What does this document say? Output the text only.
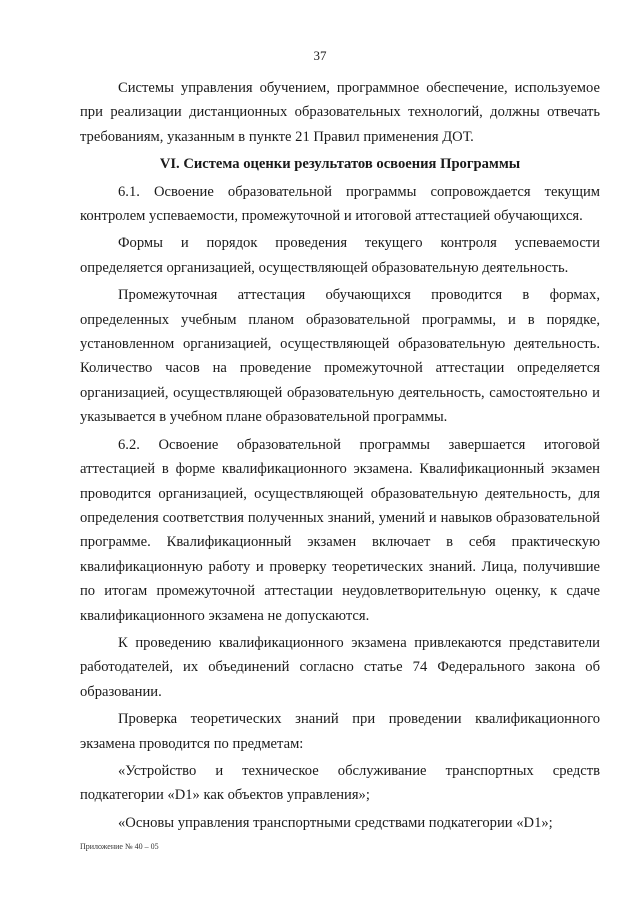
37

Системы управления обучением, программное обеспечение, используемое при реализации дистанционных образовательных технологий, должны отвечать требованиям, указанным в пункте 21 Правил применения ДОТ.

VI. Система оценки результатов освоения Программы

6.1. Освоение образовательной программы сопровождается текущим контролем успеваемости, промежуточной и итоговой аттестацией обучающихся.

Формы и порядок проведения текущего контроля успеваемости определяется организацией, осуществляющей образовательную деятельность.

Промежуточная аттестация обучающихся проводится в формах, определенных учебным планом образовательной программы, и в порядке, установленном организацией, осуществляющей образовательную деятельность. Количество часов на проведение промежуточной аттестации определяется организацией, осуществляющей образовательную деятельность, самостоятельно и указывается в учебном плане образовательной программы.

6.2. Освоение образовательной программы завершается итоговой аттестацией в форме квалификационного экзамена. Квалификационный экзамен проводится организацией, осуществляющей образовательную деятельность, для определения соответствия полученных знаний, умений и навыков образовательной программе. Квалификационный экзамен включает в себя практическую квалификационную работу и проверку теоретических знаний. Лица, получившие по итогам промежуточной аттестации неудовлетворительную оценку, к сдаче квалификационного экзамена не допускаются.

К проведению квалификационного экзамена привлекаются представители работодателей, их объединений согласно статье 74 Федерального закона об образовании.

Проверка теоретических знаний при проведении квалификационного экзамена проводится по предметам:

«Устройство и техническое обслуживание транспортных средств подкатегории «D1» как объектов управления»;

«Основы управления транспортными средствами подкатегории «D1»;

Приложение № 40 – 05
